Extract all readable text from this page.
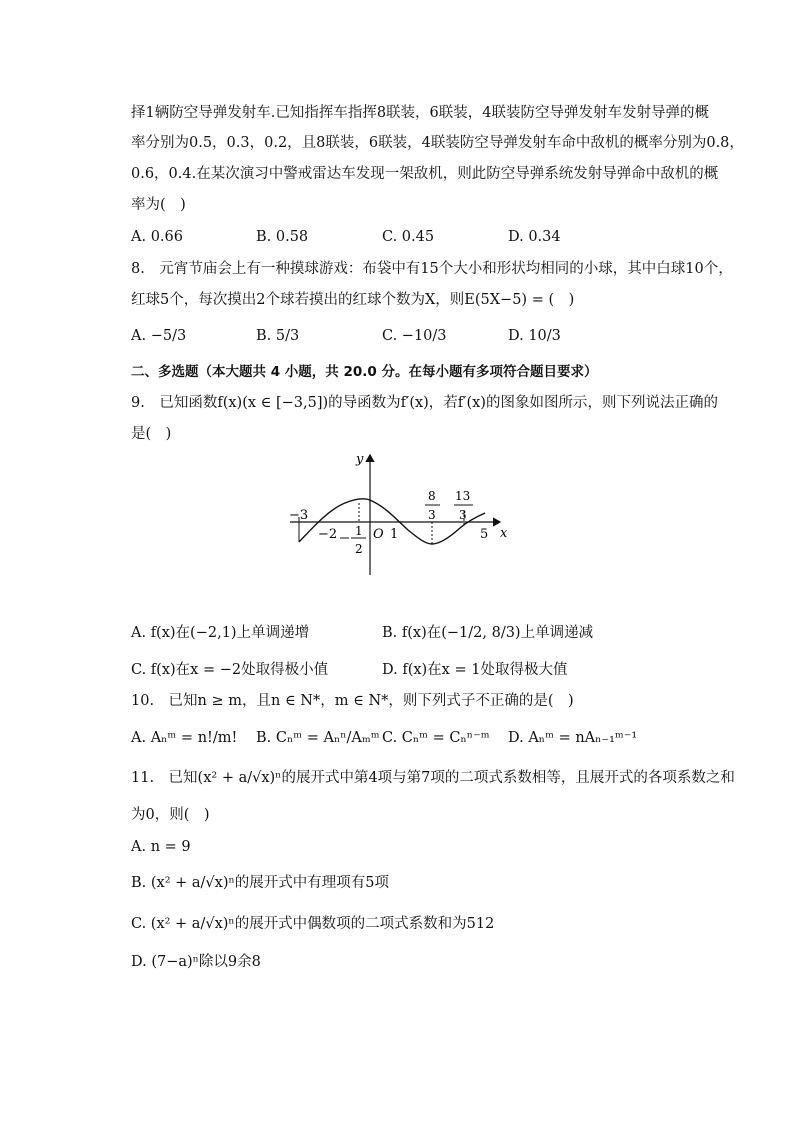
择1辆防空导弹发射车.已知指挥车指挥8联装，6联装，4联装防空导弹发射车发射导弹的概
率分别为0.5，0.3，0.2，且8联装，6联装，4联装防空导弹发射车命中敌机的概率分别为0.8，
0.6，0.4.在某次演习中警戒雷达车发现一架敌机，则此防空导弹系统发射导弹命中敌机的概
率为(　)
A. 0.66	B. 0.58	C. 0.45	D. 0.34
8.　元宵节庙会上有一种摸球游戏：布袋中有15个大小和形状均相同的小球，其中白球10个，
红球5个，每次摸出2个球若摸出的红球个数为X，则E(5X−5) = (　)
A. −5/3	B. 5/3	C. −10/3	D. 10/3
二、多选题（本大题共 4 小题，共 20.0 分。在每小题有多项符合题目要求）
9.　已知函数f(x)(x ∈ [−3,5])的导函数为f′(x)，若f′(x)的图象如图所示，则下列说法正确的
是(　)
y
x
−3
−2 1
2
O 1	5
8
3
13
3
A. f(x)在(−2,1)上单调递增	B. f(x)在(−1/2, 8/3)上单调递减
C. f(x)在x = −2处取得极小值	D. f(x)在x = 1处取得极大值
10.　已知n ≥ m，且n ∈ N*，m ∈ N*，则下列式子不正确的是(　)
A. Aₙᵐ = n!/m! B. Cₙᵐ = Aₙⁿ/Aₘᵐ C. Cₙᵐ = Cₙⁿ⁻ᵐ D. Aₙᵐ = nAₙ₋₁ᵐ⁻¹
11.　已知(x² + a/√x)ⁿ的展开式中第4项与第7项的二项式系数相等，且展开式的各项系数之和
为0，则(　)
A. n = 9
B. (x² + a/√x)ⁿ的展开式中有理项有5项
C. (x² + a/√x)ⁿ的展开式中偶数项的二项式系数和为512
D. (7−a)ⁿ除以9余8
